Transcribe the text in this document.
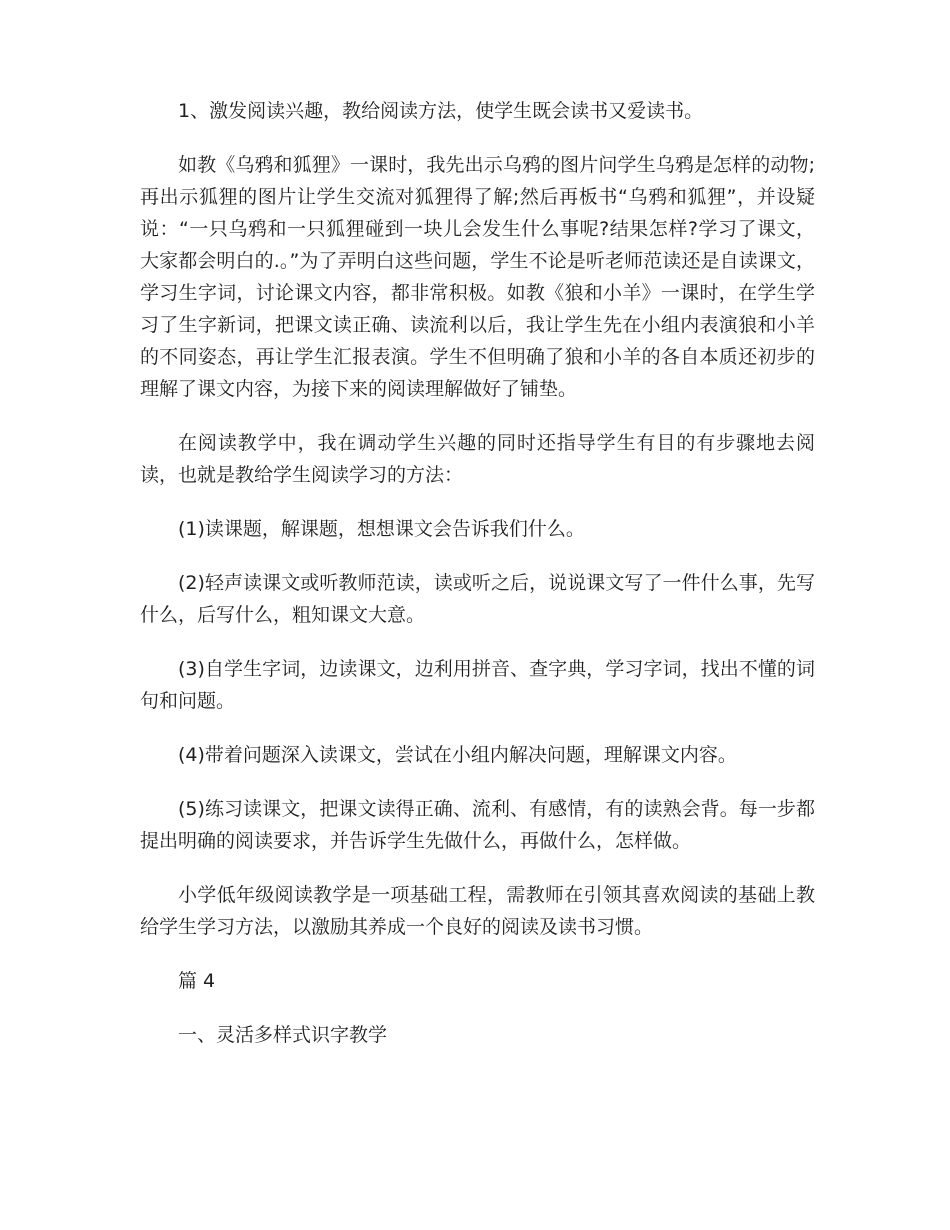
1、激发阅读兴趣，教给阅读方法，使学生既会读书又爱读书。

如教《乌鸦和狐狸》一课时，我先出示乌鸦的图片问学生乌鸦是怎样的动物;再出示狐狸的图片让学生交流对狐狸得了解;然后再板书“乌鸦和狐狸”，并设疑说：“一只乌鸦和一只狐狸碰到一块儿会发生什么事呢?结果怎样?学习了课文，大家都会明白的.。”为了弄明白这些问题，学生不论是听老师范读还是自读课文，学习生字词，讨论课文内容，都非常积极。如教《狼和小羊》一课时，在学生学习了生字新词，把课文读正确、读流利以后，我让学生先在小组内表演狼和小羊的不同姿态，再让学生汇报表演。学生不但明确了狼和小羊的各自本质还初步的理解了课文内容，为接下来的阅读理解做好了铺垫。

在阅读教学中，我在调动学生兴趣的同时还指导学生有目的有步骤地去阅读，也就是教给学生阅读学习的方法：

(1)读课题，解课题，想想课文会告诉我们什么。

(2)轻声读课文或听教师范读，读或听之后，说说课文写了一件什么事，先写什么，后写什么，粗知课文大意。

(3)自学生字词，边读课文，边利用拼音、查字典，学习字词，找出不懂的词句和问题。

(4)带着问题深入读课文，尝试在小组内解决问题，理解课文内容。

(5)练习读课文，把课文读得正确、流利、有感情，有的读熟会背。每一步都提出明确的阅读要求，并告诉学生先做什么，再做什么，怎样做。

小学低年级阅读教学是一项基础工程，需教师在引领其喜欢阅读的基础上教给学生学习方法，以激励其养成一个良好的阅读及读书习惯。

篇 4

一、灵活多样式识字教学
